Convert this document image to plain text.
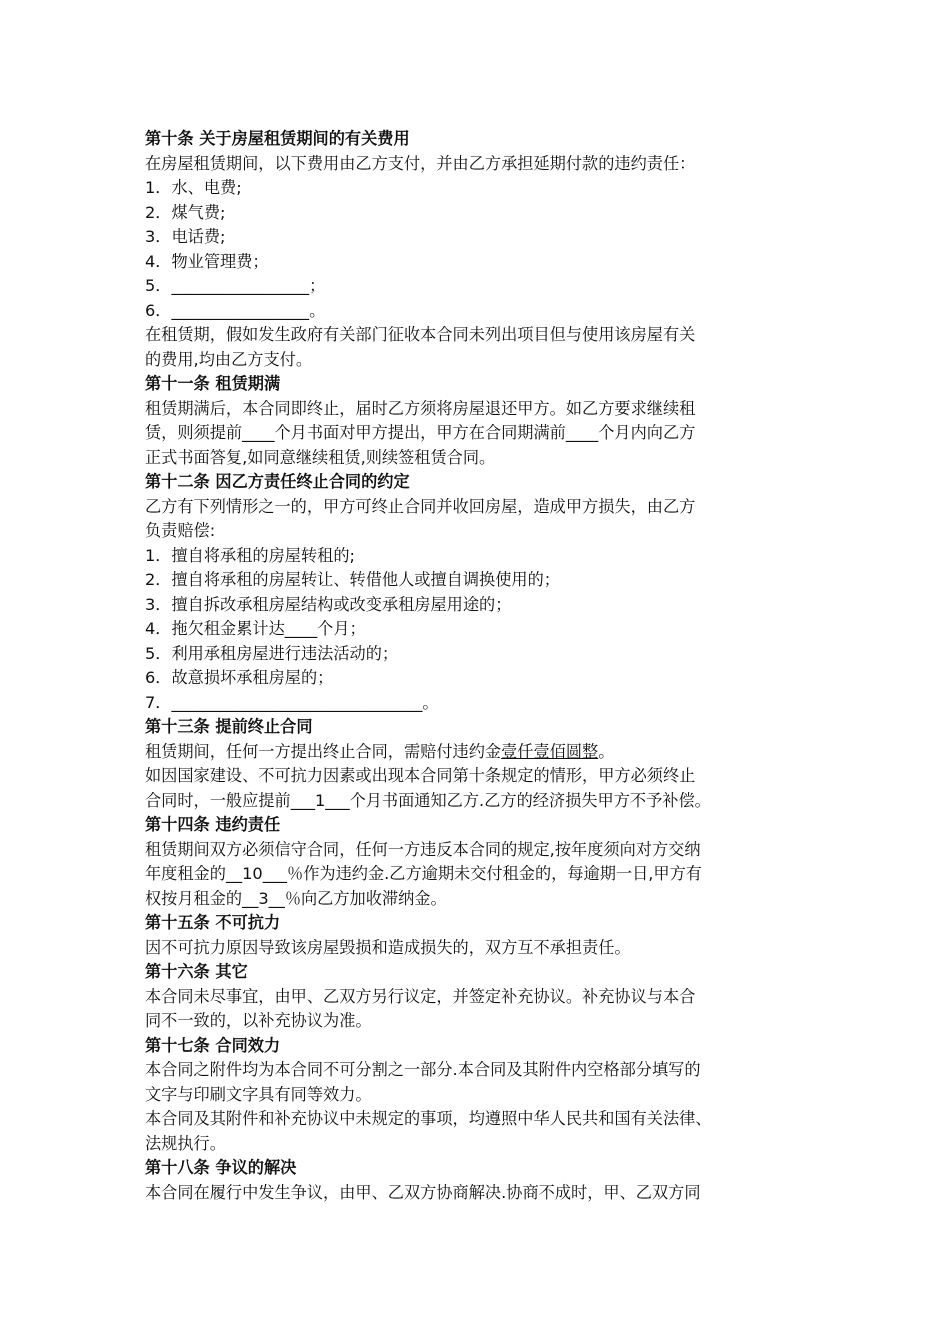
第十条 关于房屋租赁期间的有关费用

在房屋租赁期间，以下费用由乙方支付，并由乙方承担延期付款的违约责任：

1．水、电费;

2．煤气费;

3．电话费;

4．物业管理费；

5．_________________；

6．_________________。

在租赁期，假如发生政府有关部门征收本合同未列出项目但与使用该房屋有关

的费用,均由乙方支付。

第十一条 租赁期满

租赁期满后，本合同即终止，届时乙方须将房屋退还甲方。如乙方要求继续租

赁，则须提前____个月书面对甲方提出，甲方在合同期满前____个月内向乙方

正式书面答复,如同意继续租赁,则续签租赁合同。

第十二条 因乙方责任终止合同的约定

乙方有下列情形之一的，甲方可终止合同并收回房屋，造成甲方损失，由乙方

负责赔偿:

1．擅自将承租的房屋转租的;

2．擅自将承租的房屋转让、转借他人或擅自调换使用的；

3．擅自拆改承租房屋结构或改变承租房屋用途的；

4．拖欠租金累计达____个月；

5．利用承租房屋进行违法活动的；

6．故意损坏承租房屋的；

7．_______________________________。

第十三条 提前终止合同

租赁期间，任何一方提出终止合同，需赔付违约金壹仟壹佰圆整。

如因国家建设、不可抗力因素或出现本合同第十条规定的情形，甲方必须终止

合同时，一般应提前___1___个月书面通知乙方.乙方的经济损失甲方不予补偿。

第十四条 违约责任

租赁期间双方必须信守合同，任何一方违反本合同的规定,按年度须向对方交纳

年度租金的__10___％作为违约金.乙方逾期未交付租金的，每逾期一日,甲方有

权按月租金的__3__％向乙方加收滞纳金。

第十五条 不可抗力

因不可抗力原因导致该房屋毁损和造成损失的，双方互不承担责任。

第十六条 其它

本合同未尽事宜，由甲、乙双方另行议定，并签定补充协议。补充协议与本合

同不一致的，以补充协议为准。

第十七条 合同效力

本合同之附件均为本合同不可分割之一部分.本合同及其附件内空格部分填写的

文字与印刷文字具有同等效力。

本合同及其附件和补充协议中未规定的事项，均遵照中华人民共和国有关法律、

法规执行。

第十八条 争议的解决

本合同在履行中发生争议，由甲、乙双方协商解决.协商不成时，甲、乙双方同
